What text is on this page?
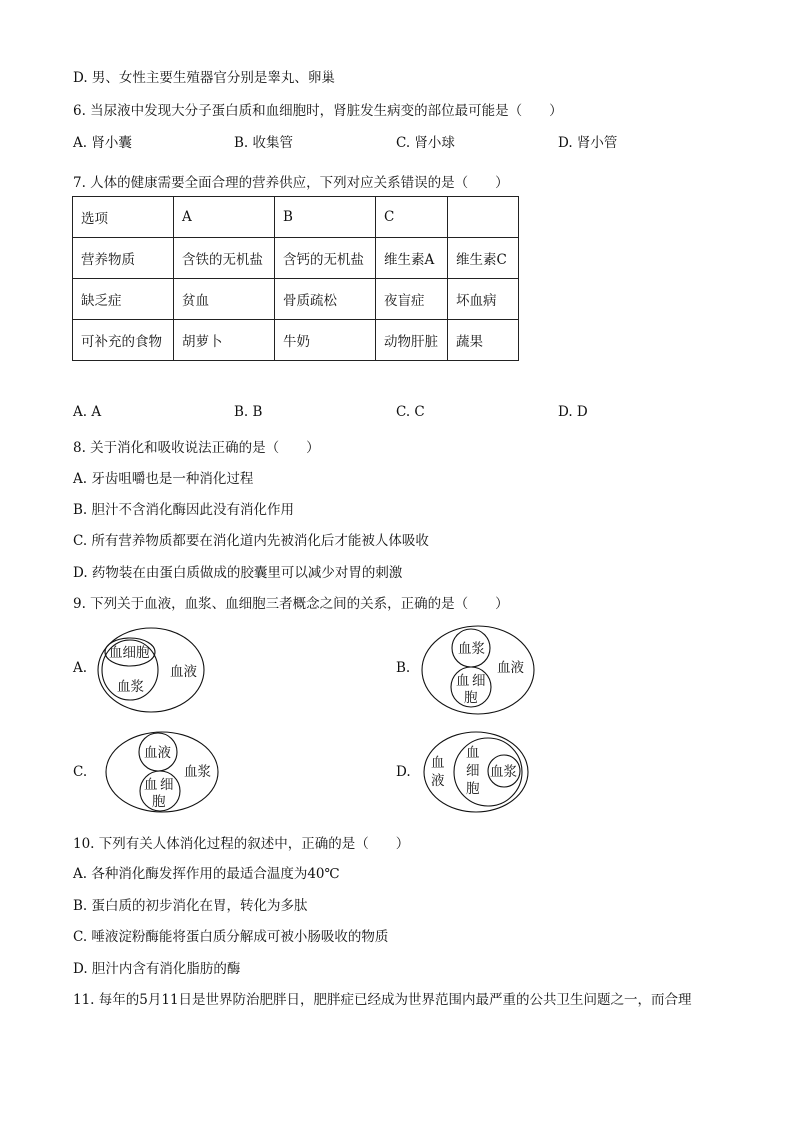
D. 男、女性主要生殖器官分别是睾丸、卵巢
6. 当尿液中发现大分子蛋白质和血细胞时，肾脏发生病变的部位最可能是（　　）
A. 肾小囊	B. 收集管	C. 肾小球	D. 肾小管
7. 人体的健康需要全面合理的营养供应，下列对应关系错误的是（　　）
选项	A	B	C	
营养物质	含铁的无机盐	含钙的无机盐	维生素A	维生素C
缺乏症	贫血	骨质疏松	夜盲症	坏血病
可补充的食物	胡萝卜	牛奶	动物肝脏	蔬果
A. A	B. B	C. C	D. D
8. 关于消化和吸收说法正确的是（　　）
A. 牙齿咀嚼也是一种消化过程
B. 胆汁不含消化酶因此没有消化作用
C. 所有营养物质都要在消化道内先被消化后才能被人体吸收
D. 药物装在由蛋白质做成的胶囊里可以减少对胃的刺激
9. 下列关于血液，血浆、血细胞三者概念之间的关系，正确的是（　　）
A.
血细胞
血浆
血液	B.
血浆
血 细
胞
血液
C.
血液
血 细
胞
血浆	D.
血
液
血
细
胞
血浆
10. 下列有关人体消化过程的叙述中，正确的是（　　）
A. 各种消化酶发挥作用的最适合温度为40℃
B. 蛋白质的初步消化在胃，转化为多肽
C. 唾液淀粉酶能将蛋白质分解成可被小肠吸收的物质
D. 胆汁内含有消化脂肪的酶
11. 每年的5月11日是世界防治肥胖日，肥胖症已经成为世界范围内最严重的公共卫生问题之一，而合理
